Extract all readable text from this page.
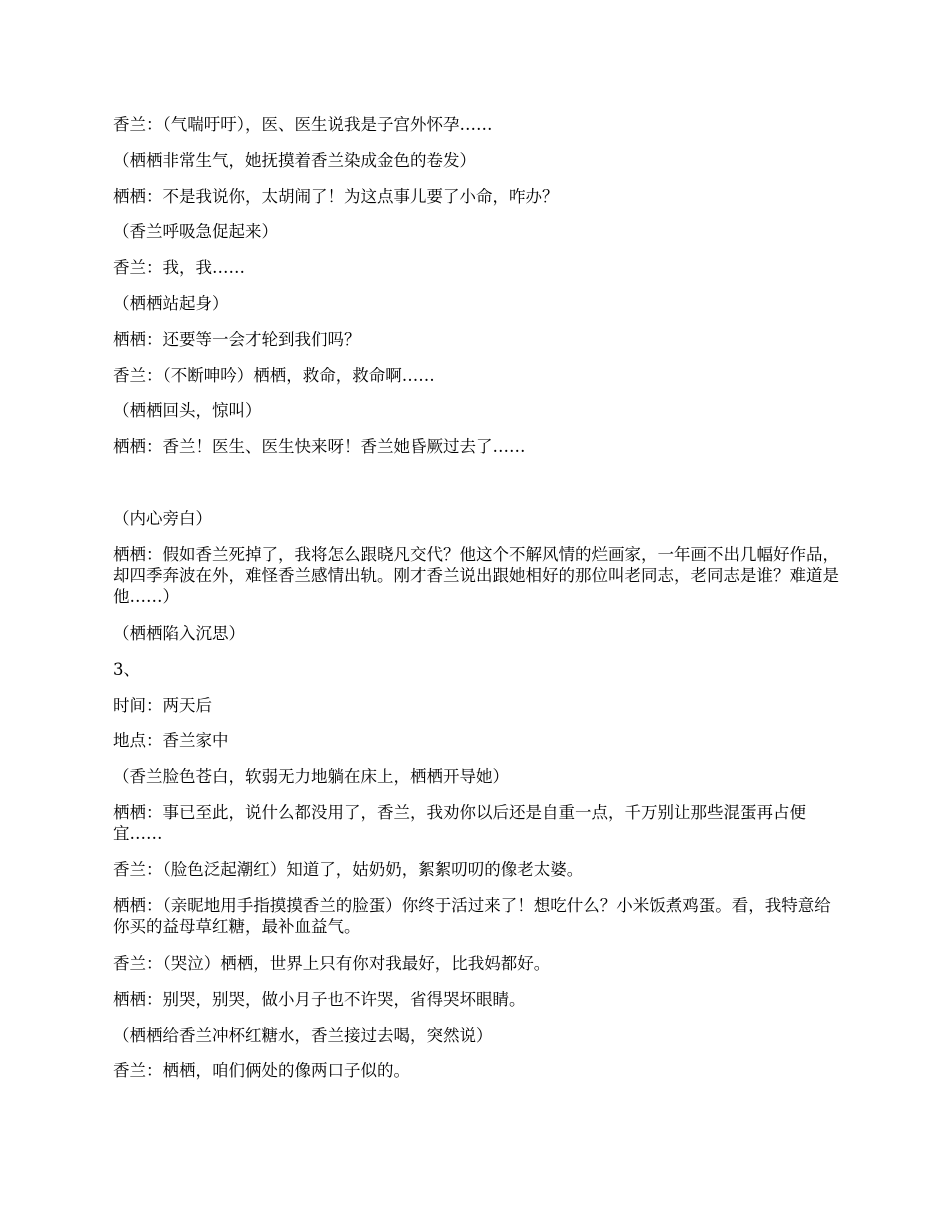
香兰：（气喘吁吁），医、医生说我是子宫外怀孕……

（栖栖非常生气，她抚摸着香兰染成金色的卷发）

栖栖：不是我说你，太胡闹了！为这点事儿要了小命，咋办？

（香兰呼吸急促起来）

香兰：我，我……

（栖栖站起身）

栖栖：还要等一会才轮到我们吗？

香兰：（不断呻吟）栖栖，救命，救命啊……

（栖栖回头，惊叫）

栖栖：香兰！医生、医生快来呀！香兰她昏厥过去了……

（内心旁白）

栖栖：假如香兰死掉了，我将怎么跟晓凡交代？他这个不解风情的烂画家，一年画不出几幅好作品，却四季奔波在外，难怪香兰感情出轨。刚才香兰说出跟她相好的那位叫老同志，老同志是谁？难道是他……）

（栖栖陷入沉思）

3、

时间：两天后

地点：香兰家中

（香兰脸色苍白，软弱无力地躺在床上，栖栖开导她）

栖栖：事已至此，说什么都没用了，香兰，我劝你以后还是自重一点，千万别让那些混蛋再占便宜……

香兰：（脸色泛起潮红）知道了，姑奶奶，絮絮叨叨的像老太婆。

栖栖：（亲昵地用手指摸摸香兰的脸蛋）你终于活过来了！想吃什么？小米饭煮鸡蛋。看，我特意给你买的益母草红糖，最补血益气。

香兰：（哭泣）栖栖，世界上只有你对我最好，比我妈都好。

栖栖：别哭，别哭，做小月子也不许哭，省得哭坏眼睛。

（栖栖给香兰冲杯红糖水，香兰接过去喝，突然说）

香兰：栖栖，咱们俩处的像两口子似的。
